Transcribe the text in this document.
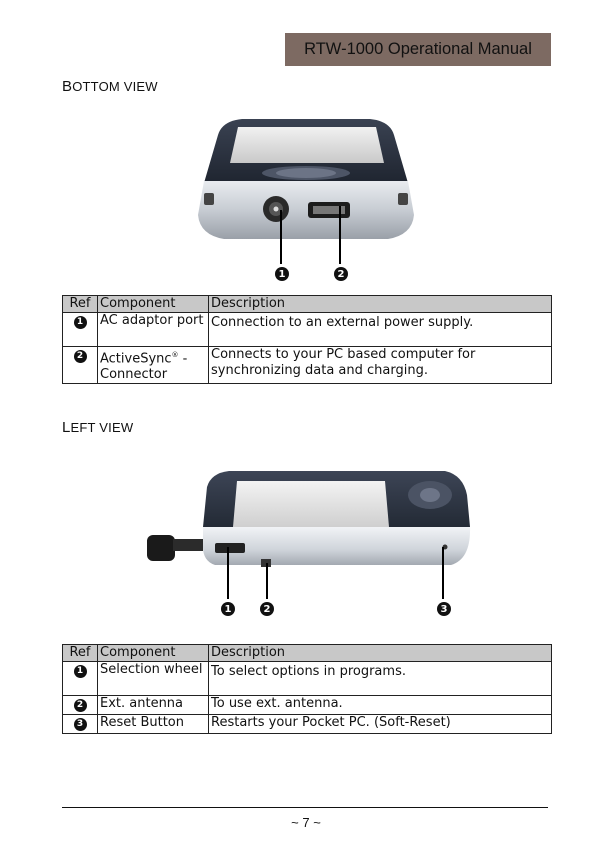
RTW-1000 Operational Manual
BOTTOM VIEW
1	2
Ref	Component	Description
1	AC adaptor port	Connection to an external power supply.
2	ActiveSync® - Connector	Connects to your PC based computer for synchronizing data and charging.
LEFT VIEW
1	2	3
Ref	Component	Description
1	Selection wheel	To select options in programs.
2	Ext. antenna	To use ext. antenna.
3	Reset Button	Restarts your Pocket PC. (Soft-Reset)
~ 7 ~
